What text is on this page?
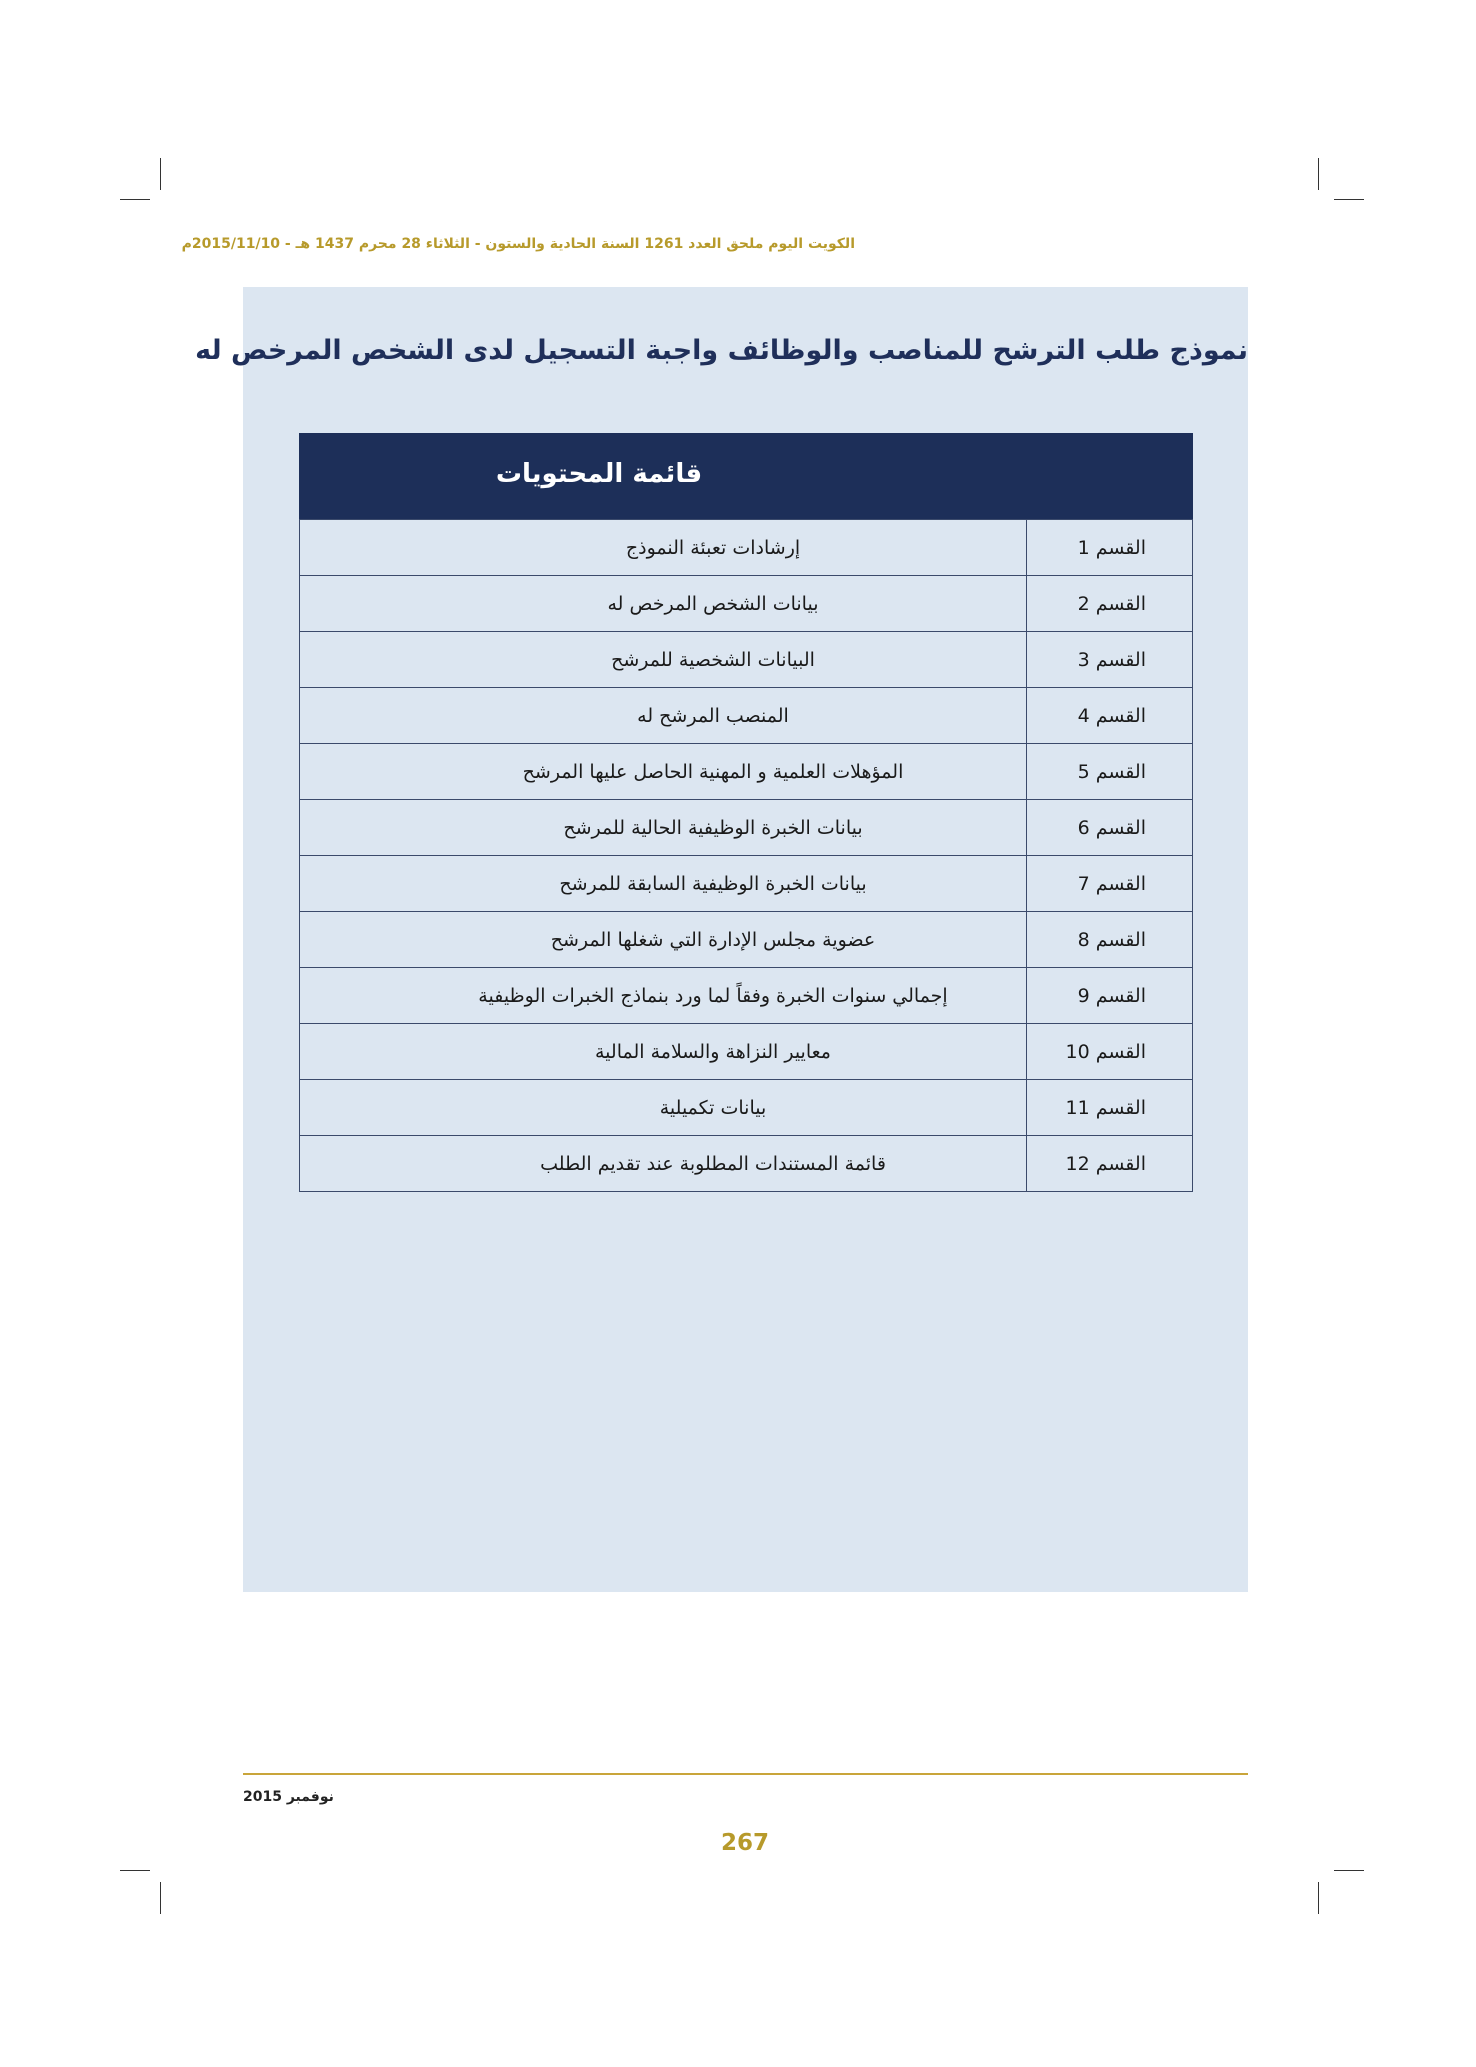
الكويت اليوم ملحق العدد 1261 السنة الحادية والستون - الثلاثاء 28 محرم 1437 هـ - 2015/11/10م
نموذج طلب الترشح للمناصب والوظائف واجبة التسجيل لدى الشخص المرخص له
قائمة المحتويات
القسم 1	إرشادات تعبئة النموذج
القسم 2	بيانات الشخص المرخص له
القسم 3	البيانات الشخصية للمرشح
القسم 4	المنصب المرشح له
القسم 5	المؤهلات العلمية و المهنية الحاصل عليها المرشح
القسم 6	بيانات الخبرة الوظيفية الحالية للمرشح
القسم 7	بيانات الخبرة الوظيفية السابقة للمرشح
القسم 8	عضوية مجلس الإدارة التي شغلها المرشح
القسم 9	إجمالي سنوات الخبرة وفقاً لما ورد بنماذج الخبرات الوظيفية
القسم 10	معايير النزاهة والسلامة المالية
القسم 11	بيانات تكميلية
القسم 12	قائمة المستندات المطلوبة عند تقديم الطلب
نوفمبر 2015
267
